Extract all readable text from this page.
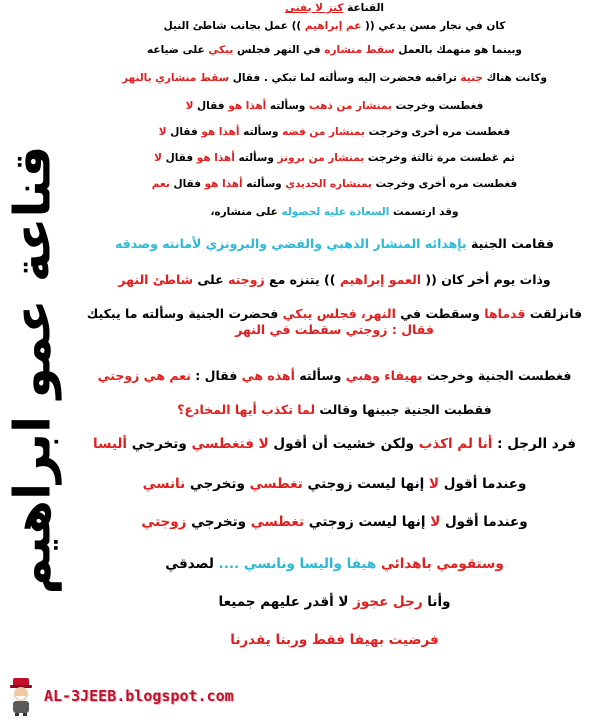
قناعة عمو ابراهيم

القناعة كنز لا يفنى

كان في نجار مسن يدعي (( عم إبراهيم )) عمل بجانب شاطئ النيل

وبينما هو منهمك بالعمل سقط منشاره في النهر فجلس يبكي على ضياعه

وكانت هناك جنية تراقبه فحضرت إليه وسألته لما تبكي . فقال سقط منشاري بالنهر

فغطست وخرجت بمنشار من ذهب وسألته أهذا هو فقال لا

فغطست مره أخرى وخرجت بمنشار من فضه وسألته أهذا هو فقال لا

ثم غطست مرة ثالثة وخرجت بمنشار من برونز وسألته أهذا هو فقال لا

فغطست مره أخرى وخرجت بمنشاره الحديدي وسألته أهذا هو فقال نعم

وقد ارتسمت السعادة عليه لحصوله على منشاره،

فقامت الجنية بإهدائه المنشار الذهبي والفضي والبرونزي لأمانته وصدقه

وذات يوم أخر كان (( العمو إبراهيم )) يتنزه مع زوجته على شاطئ النهر

فانزلقت قدماها وسقطت في النهر، فجلس يبكي فحضرت الجنية وسألته ما يبكيك فقال : زوجتي سقطت في النهر

فغطست الجنية وخرجت بهيفاء وهبي وسألته أهذه هي فقال : نعم هي زوجتي

فقطبت الجنية جبينها وقالت لما تكذب أيها المخادع؟

فرد الرجل : أنا لم اكذب ولكن خشيت أن أقول لا فتغطسي وتخرجي أليسا

وعندما أقول لا إنها ليست زوجتي تغطسي وتخرجي نانسي

وعندما أقول لا إنها ليست زوجتي تغطسي وتخرجي زوجتي

وستقومي باهدائي هيفا واليسا ونانسي .... لصدقي

وأنا رجل عجوز لا أقدر عليهم جميعا

فرضيت بهيفا فقط وربنا يقدرنا

AL-3JEEB.blogspot.com
